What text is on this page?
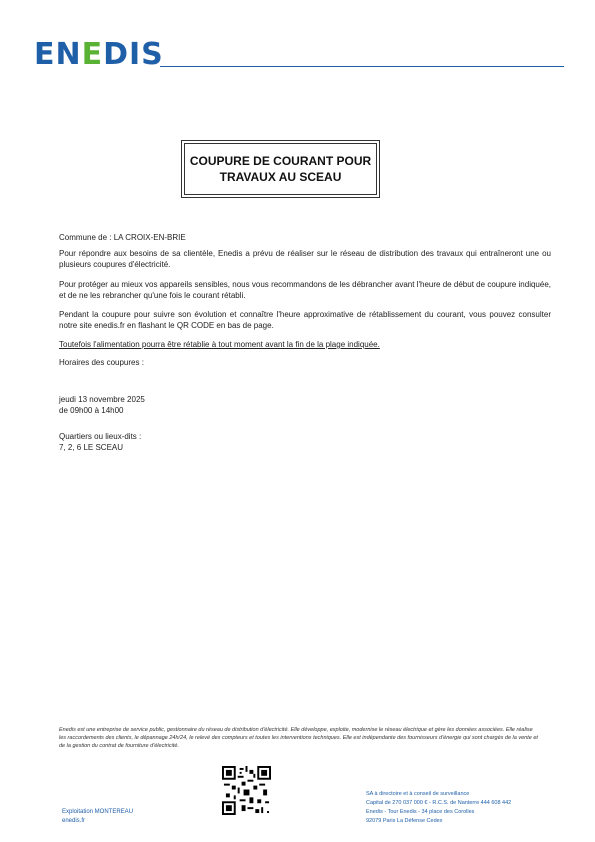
ENEDIS
COUPURE DE COURANT POUR
TRAVAUX AU SCEAU

Commune de : LA CROIX-EN-BRIE

Pour répondre aux besoins de sa clientèle, Enedis a prévu de réaliser sur le réseau de distribution des travaux qui entraîneront une ou plusieurs coupures d'électricité.

Pour protéger au mieux vos appareils sensibles, nous vous recommandons de les débrancher avant l'heure de début de coupure indiquée, et de ne les rebrancher qu'une fois le courant rétabli.

Pendant la coupure pour suivre son évolution et connaître l'heure approximative de rétablissement du courant, vous pouvez consulter notre site enedis.fr en flashant le QR CODE en bas de page.

Toutefois l'alimentation pourra être rétablie à tout moment avant la fin de la plage indiquée.

Horaires des coupures :

jeudi 13 novembre 2025

de 09h00 à 14h00

Quartiers ou lieux-dits :

7, 2, 6 LE SCEAU

Enedis est une entreprise de service public, gestionnaire du réseau de distribution d'électricité. Elle développe, exploite, modernise le réseau électrique et gère les données associées. Elle réalise les raccordements des clients, le dépannage 24h/24, le relevé des compteurs et toutes les interventions techniques. Elle est indépendante des fournisseurs d'énergie qui sont chargés de la vente et de la gestion du contrat de fourniture d'électricité.
Exploitation MONTEREAU
enedis.fr
SA à directoire et à conseil de surveillance
Capital de 270 037 000 € - R.C.S. de Nanterre 444 608 442
Enedis - Tour Enedis - 34 place des Corolles
92079 Paris La Défense Cedex
